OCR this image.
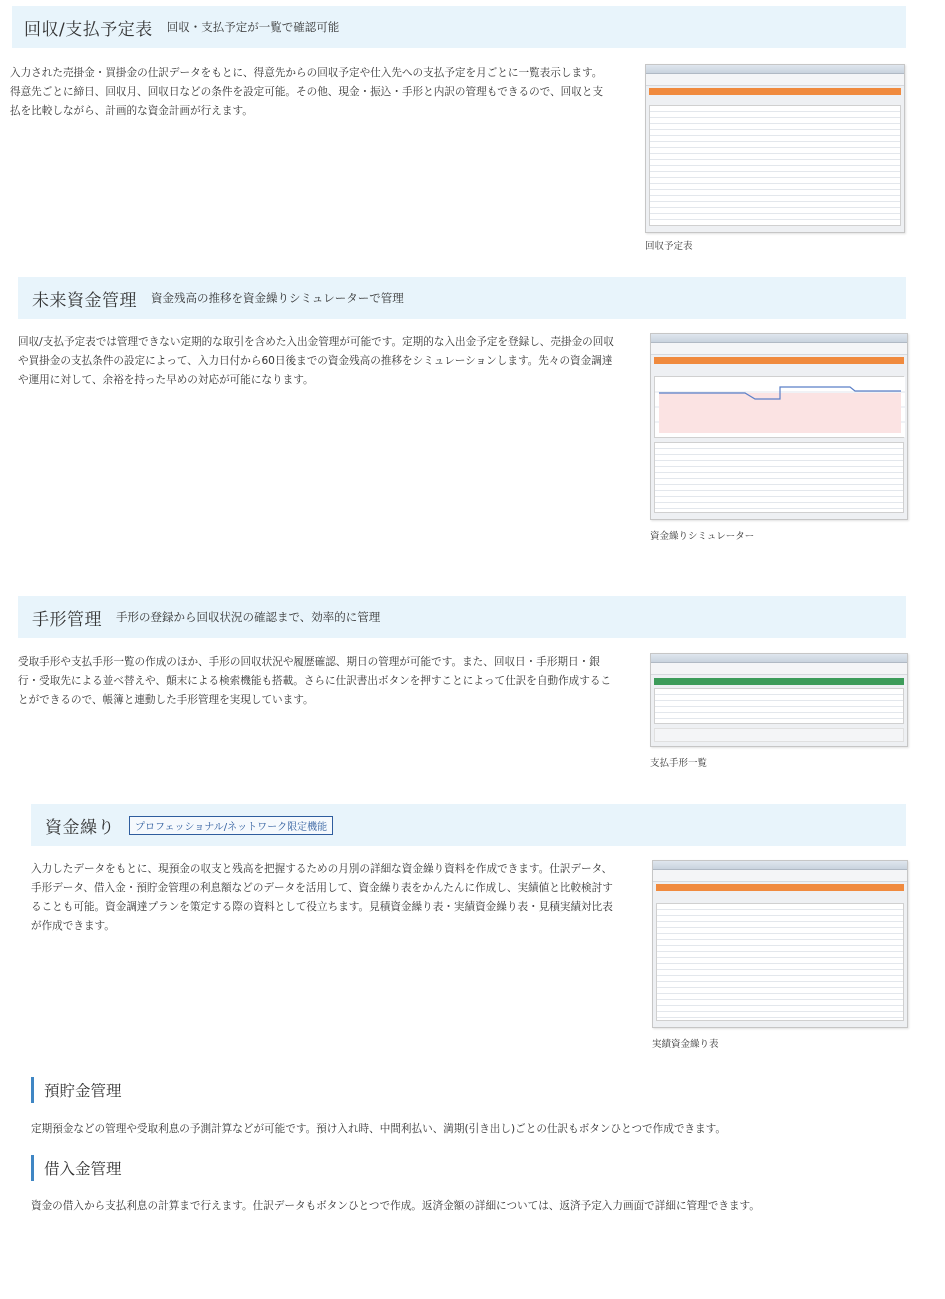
回収/支払予定表 回収・支払予定が一覧で確認可能
入力された売掛金・買掛金の仕訳データをもとに、得意先からの回収予定や仕入先への支払予定を月ごとに一覧表示します。得意先ごとに締日、回収月、回収日などの条件を設定可能。その他、現金・振込・手形と内訳の管理もできるので、回収と支払を比較しながら、計画的な資金計画が行えます。
回収予定表
未来資金管理 資金残高の推移を資金繰りシミュレーターで管理
回収/支払予定表では管理できない定期的な取引を含めた入出金管理が可能です。定期的な入出金予定を登録し、売掛金の回収や買掛金の支払条件の設定によって、入力日付から60日後までの資金残高の推移をシミュレーションします。先々の資金調達や運用に対して、余裕を持った早めの対応が可能になります。
資金繰りシミュレーター
手形管理 手形の登録から回収状況の確認まで、効率的に管理
受取手形や支払手形一覧の作成のほか、手形の回収状況や履歴確認、期日の管理が可能です。また、回収日・手形期日・銀行・受取先による並べ替えや、顛末による検索機能も搭載。さらに仕訳書出ボタンを押すことによって仕訳を自動作成することができるので、帳簿と連動した手形管理を実現しています。
支払手形一覧
資金繰り	プロフェッショナル/ネットワーク限定機能
入力したデータをもとに、現預金の収支と残高を把握するための月別の詳細な資金繰り資料を作成できます。仕訳データ、手形データ、借入金・預貯金管理の利息額などのデータを活用して、資金繰り表をかんたんに作成し、実績値と比較検討することも可能。資金調達プランを策定する際の資料として役立ちます。見積資金繰り表・実績資金繰り表・見積実績対比表が作成できます。
実績資金繰り表
預貯金管理
定期預金などの管理や受取利息の予測計算などが可能です。預け入れ時、中間利払い、満期(引き出し)ごとの仕訳もボタンひとつで作成できます。
借入金管理
資金の借入から支払利息の計算まで行えます。仕訳データもボタンひとつで作成。返済金額の詳細については、返済予定入力画面で詳細に管理できます。
